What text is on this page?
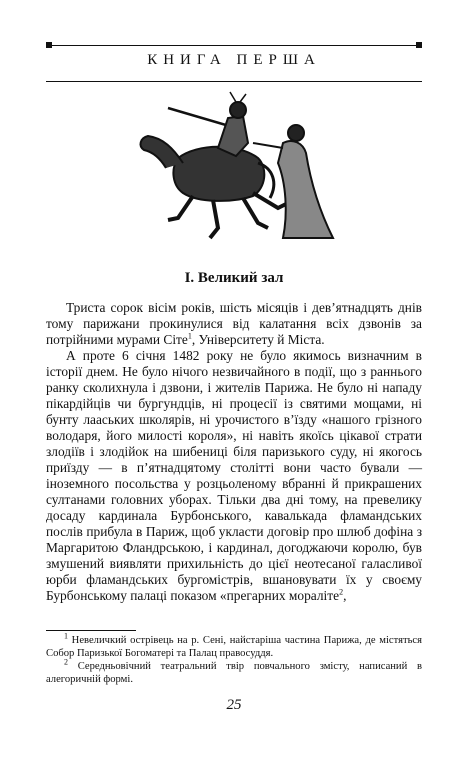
КНИГА ПЕРША
І. Великий зал

Триста сорок вісім років, шість місяців і дев’ятнадцять днів тому парижани прокинулися від калатання всіх дзвонів за потрійними мурами Сіте$^1$, Університету й Міста.

А проте 6 січня 1482 року не було якимось визначним в історії днем. Не було нічого незвичайного в події, що з раннього ранку сколихнула і дзвони, і жителів Парижа. Не було ні нападу пікардійців чи бургундців, ні процесії із святими мощами, ні бунту лааських школярів, ні урочистого в’їзду «нашого грізного володаря, його милості короля», ні навіть якоїсь цікавої страти злодіїв і злодійок на шибениці біля паризького суду, ні якогось приїзду — в п’ятнадцятому столітті вони часто бували — іноземного посольства у розцьоленому вбранні й прикрашених султанами головних уборах. Тільки два дні тому, на превелику досаду кардинала Бурбонського, кавалькада фламандських послів прибула в Париж, щоб укласти договір про шлюб дофіна з Маргаритою Фландрською, і кардинал, догоджаючи королю, був змушений виявляти прихильність до цієї неотесаної галасливої юрби фламандських бургомістрів, вшановувати їх у своєму Бурбонському палаці показом «прегарних мораліте$^2$,

$^1$ Невеличкий острівець на р. Сені, найстаріша частина Парижа, де містяться Собор Паризької Богоматері та Палац правосуддя.

$^2$ Середньовічний театральний твір повчального змісту, написаний в алегоричній формі.

25
